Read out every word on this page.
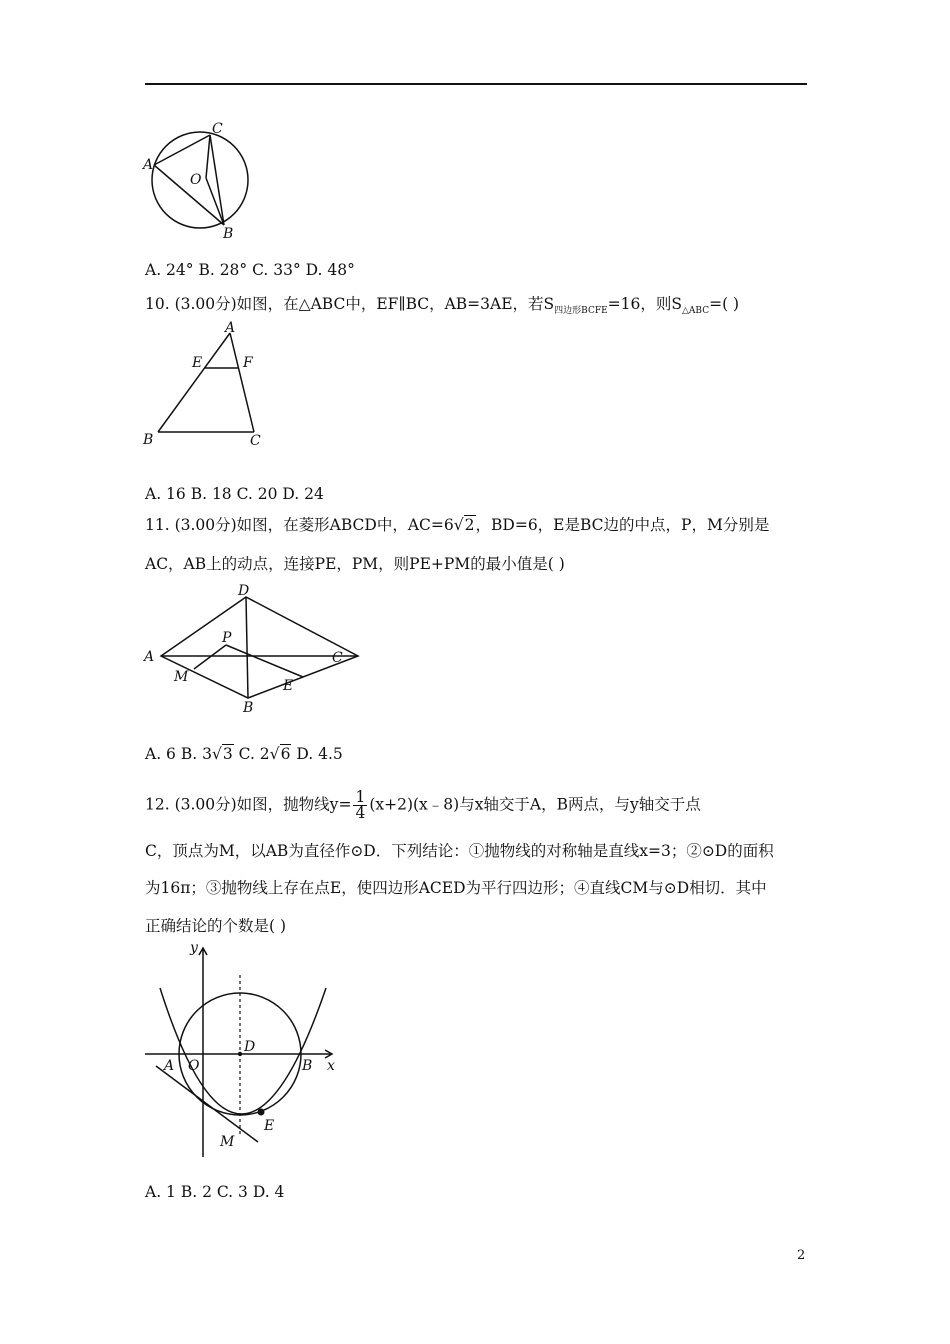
A
C
O
B
A. 24° B. 28° C. 33° D. 48°
10. (3.00分)如图，在△ABC中，EF∥BC，AB=3AE，若$S_{四边形BCFE}=16$，则$S_{\triangle ABC}=$( )
A
E	F
B	C
A. 16 B. 18 C. 20 D. 24
11. (3.00分)如图，在菱形ABCD中，AC=6√2，BD=6，E是BC边的中点，P，M分别是
AC，AB上的动点，连接PE，PM，则PE+PM的最小值是( )
A
D
C
B
P
M
E
A. 6 B. 3√3 C. 2√6 D. 4.5
12. (3.00分)如图，抛物线$y= \frac{1}{4}$ (x+2)(x﹣8)与x轴交于A，B两点，与y轴交于点
C，顶点为M，以AB为直径作⊙D．下列结论：①抛物线的对称轴是直线x=3；②⊙D的面积
为16π；③抛物线上存在点E，使四边形ACED为平行四边形；④直线CM与⊙D相切．其中
正确结论的个数是( )
y
x
A O
D
B
E
M
A. 1 B. 2 C. 3 D. 4
2
